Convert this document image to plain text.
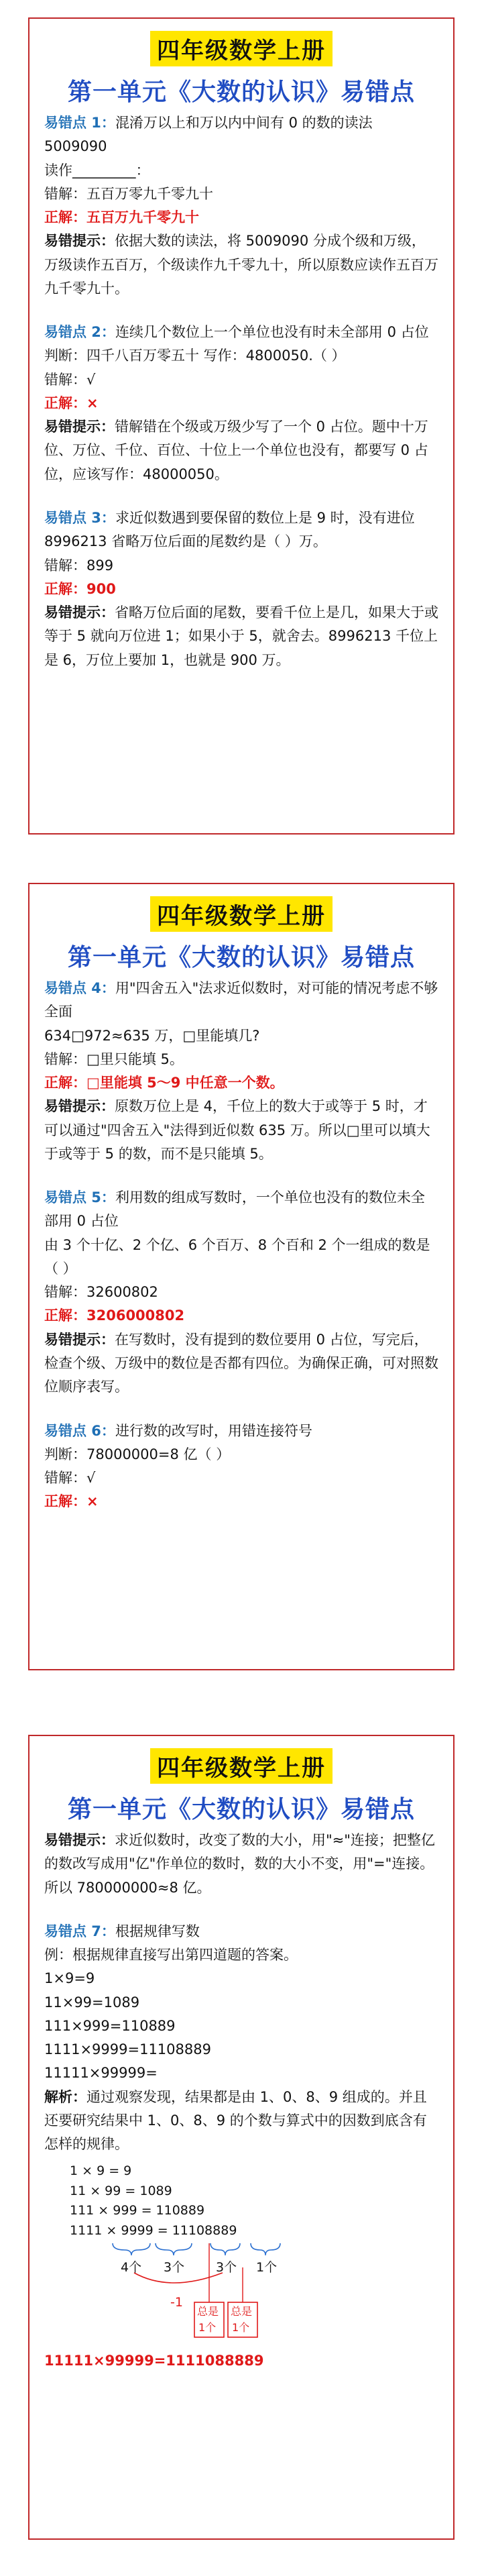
四年级数学上册
第一单元《大数的认识》易错点

易错点 1：混淆万以上和万以内中间有 0 的数的读法 5009090

读作_________：

错解：五百万零九千零九十

正解：五百万九千零九十

易错提示：依据大数的读法，将 5009090 分成个级和万级，万级读作五百万，个级读作九千零九十，所以原数应读作五百万九千零九十。

易错点 2：连续几个数位上一个单位也没有时未全部用 0 占位

判断：四千八百万零五十 写作：4800050.（ ）

错解：√

正解：×

易错提示：错解错在个级或万级少写了一个 0 占位。题中十万位、万位、千位、百位、十位上一个单位也没有，都要写 0 占位，应该写作：48000050。

易错点 3：求近似数遇到要保留的数位上是 9 时，没有进位

8996213 省略万位后面的尾数约是（ ）万。

错解：899

正解：900

易错提示：省略万位后面的尾数，要看千位上是几，如果大于或等于 5 就向万位进 1；如果小于 5，就舍去。8996213 千位上是 6，万位上要加 1，也就是 900 万。

四年级数学上册
第一单元《大数的认识》易错点

易错点 4：用"四舍五入"法求近似数时，对可能的情况考虑不够全面

634□972≈635 万，□里能填几?

错解：□里只能填 5。

正解：□里能填 5～9 中任意一个数。

易错提示：原数万位上是 4，千位上的数大于或等于 5 时，才可以通过"四舍五入"法得到近似数 635 万。所以□里可以填大于或等于 5 的数，而不是只能填 5。

易错点 5：利用数的组成写数时，一个单位也没有的数位未全部用 0 占位

由 3 个十亿、2 个亿、6 个百万、8 个百和 2 个一组成的数是（ ）

错解：32600802

正解：3206000802

易错提示：在写数时，没有提到的数位要用 0 占位，写完后，检查个级、万级中的数位是否都有四位。为确保正确，可对照数位顺序表写。

易错点 6：进行数的改写时，用错连接符号

判断：78000000=8 亿（ ）

错解：√

正解：×

四年级数学上册
第一单元《大数的认识》易错点

易错提示：求近似数时，改变了数的大小，用"≈"连接；把整亿的数改写成用"亿"作单位的数时，数的大小不变，用"="连接。所以 780000000≈8 亿。

易错点 7：根据规律写数

例：根据规律直接写出第四道题的答案。

1×9=9

11×99=1089

111×999=110889

1111×9999=11108889

11111×99999=

解析：通过观察发现，结果都是由 1、0、8、9 组成的。并且还要研究结果中 1、0、8、9 的个数与算式中的因数到底含有怎样的规律。

1 × 9 = 9
11 × 99 = 1089
111 × 999 = 110889
1111 × 9999 = 11108889
4个 3个 3个 1个
-1
总是
1个
总是
1个

11111×99999=1111088889
